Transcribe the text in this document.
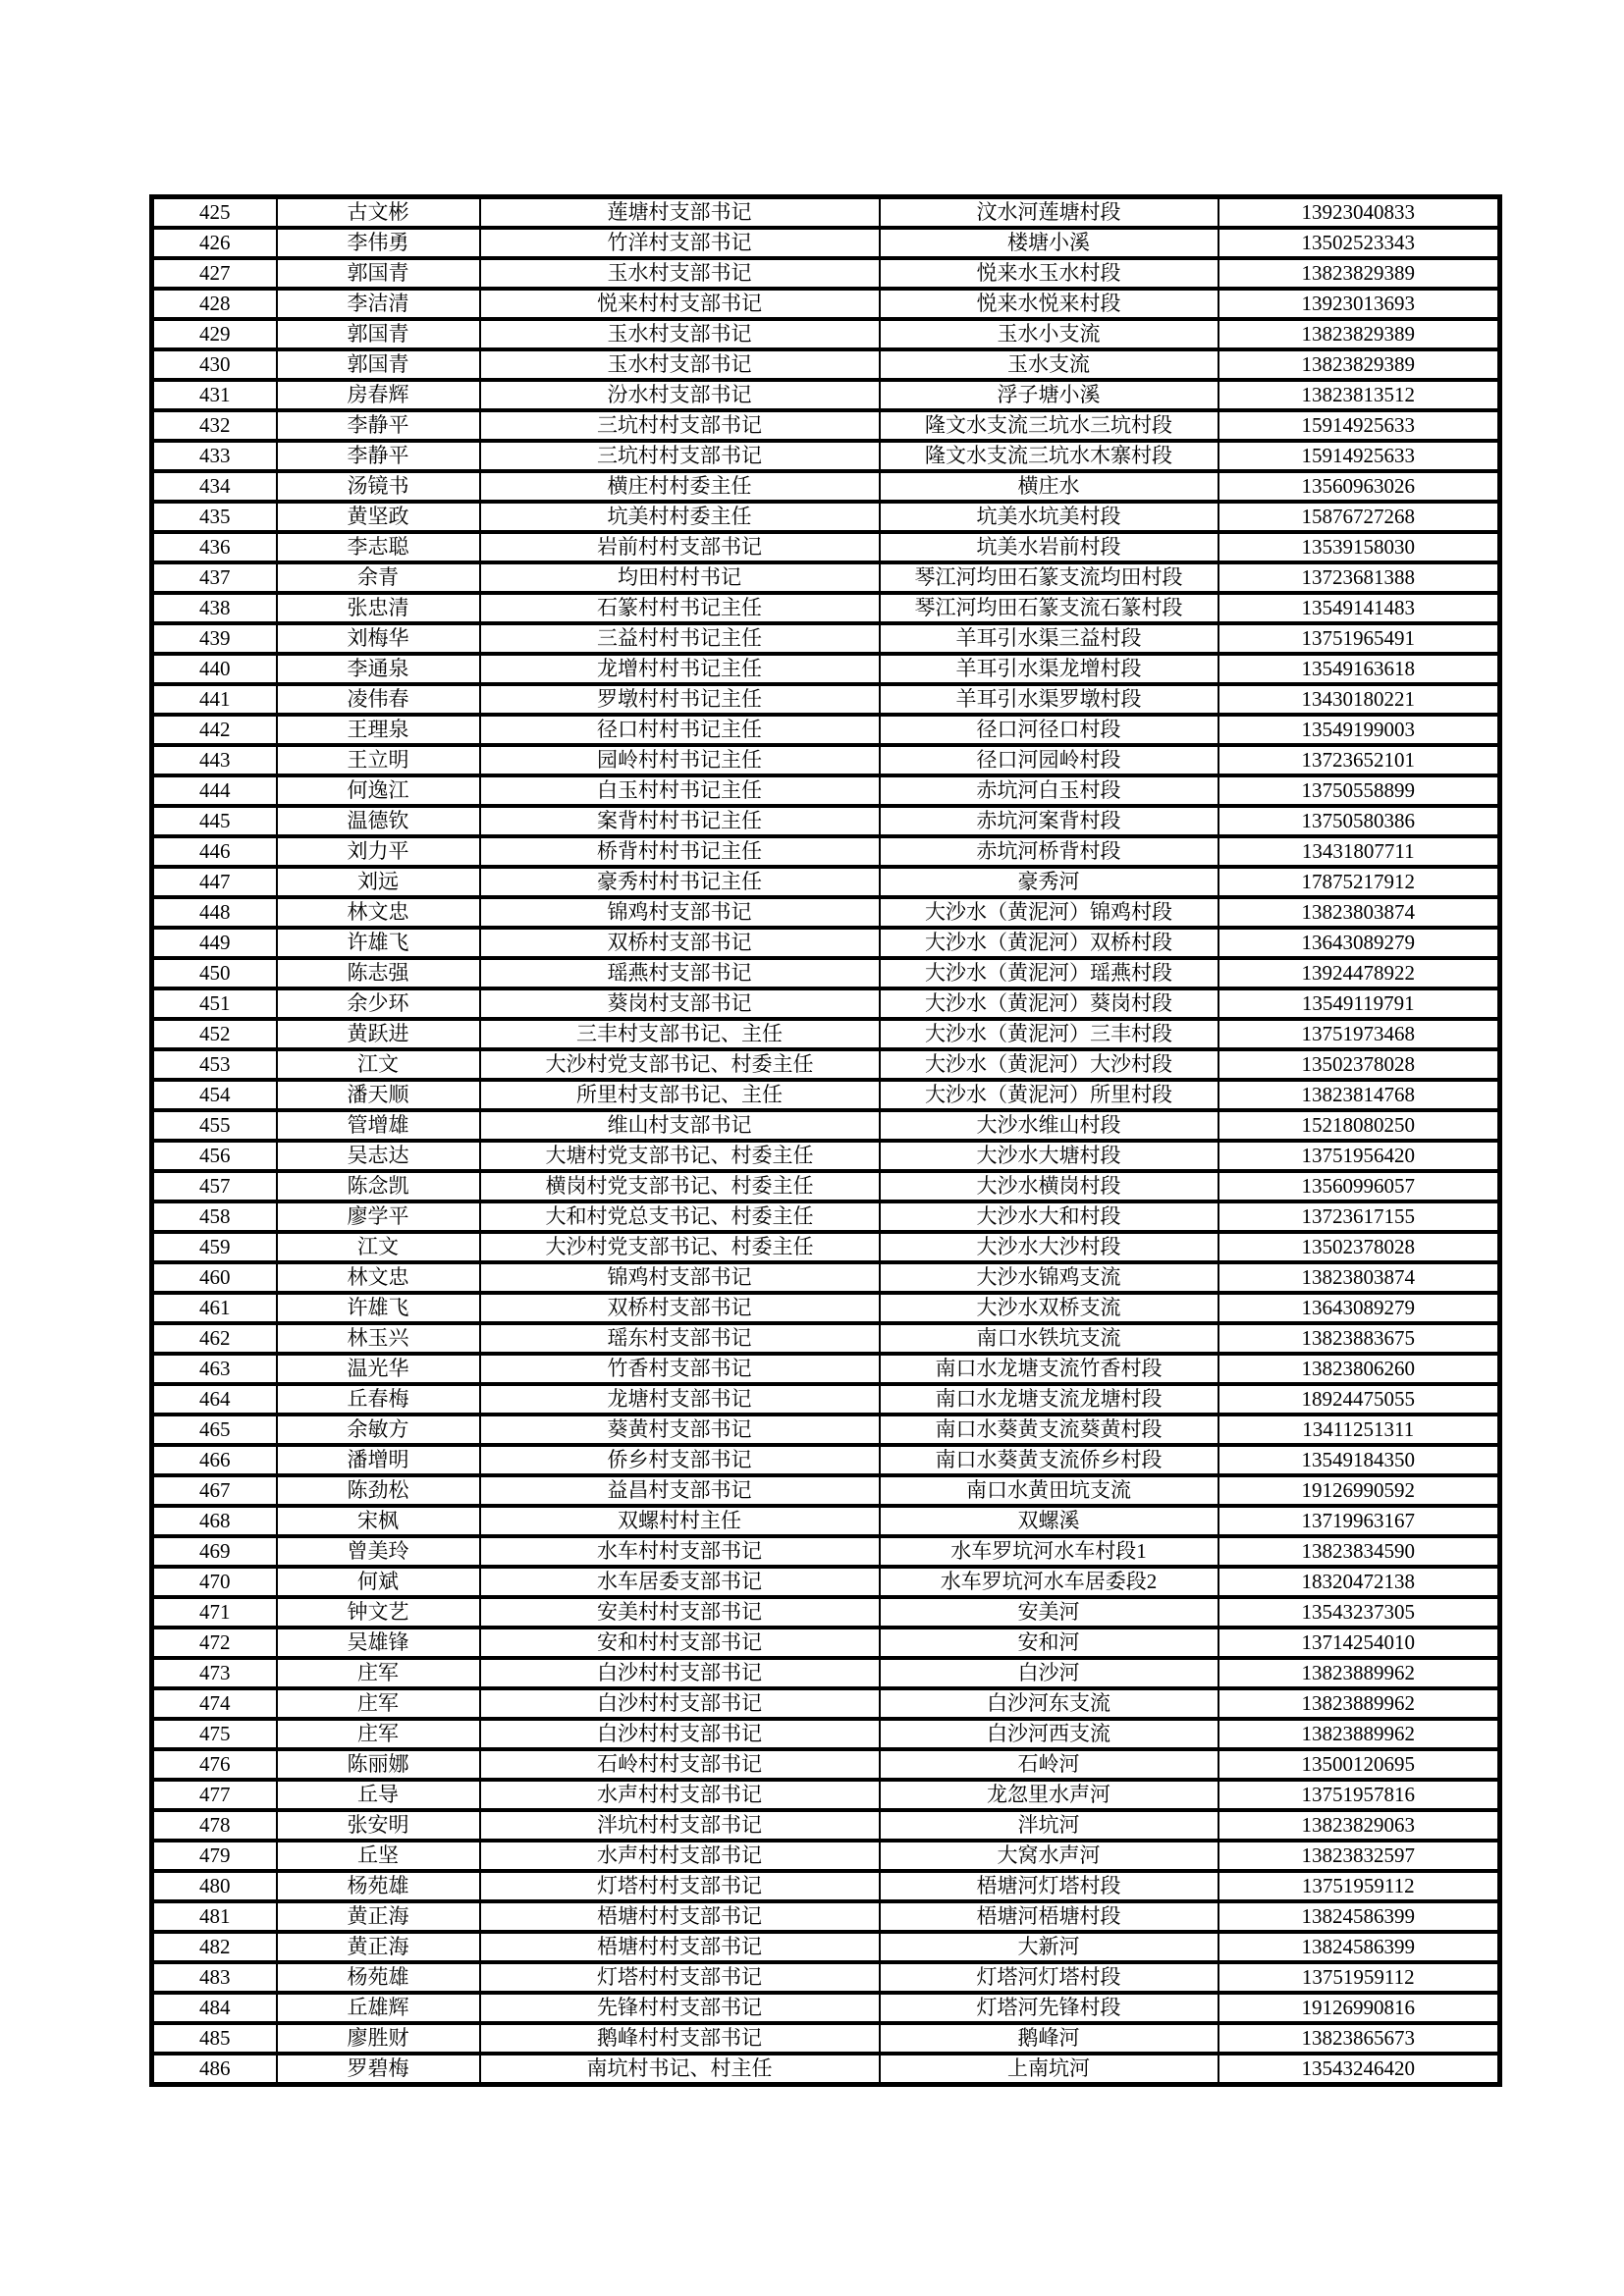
425	古文彬	莲塘村支部书记	汶水河莲塘村段	13923040833
426	李伟勇	竹洋村支部书记	楼塘小溪	13502523343
427	郭国青	玉水村支部书记	悦来水玉水村段	13823829389
428	李洁清	悦来村村支部书记	悦来水悦来村段	13923013693
429	郭国青	玉水村支部书记	玉水小支流	13823829389
430	郭国青	玉水村支部书记	玉水支流	13823829389
431	房春辉	汾水村支部书记	浮子塘小溪	13823813512
432	李静平	三坑村村支部书记	隆文水支流三坑水三坑村段	15914925633
433	李静平	三坑村村支部书记	隆文水支流三坑水木寨村段	15914925633
434	汤镜书	横庄村村委主任	横庄水	13560963026
435	黄坚政	坑美村村委主任	坑美水坑美村段	15876727268
436	李志聪	岩前村村支部书记	坑美水岩前村段	13539158030
437	余青	均田村村书记	琴江河均田石篆支流均田村段	13723681388
438	张忠清	石篆村村书记主任	琴江河均田石篆支流石篆村段	13549141483
439	刘梅华	三益村村书记主任	羊耳引水渠三益村段	13751965491
440	李通泉	龙增村村书记主任	羊耳引水渠龙增村段	13549163618
441	凌伟春	罗墩村村书记主任	羊耳引水渠罗墩村段	13430180221
442	王理泉	径口村村书记主任	径口河径口村段	13549199003
443	王立明	园岭村村书记主任	径口河园岭村段	13723652101
444	何逸江	白玉村村书记主任	赤坑河白玉村段	13750558899
445	温德钦	案背村村书记主任	赤坑河案背村段	13750580386
446	刘力平	桥背村村书记主任	赤坑河桥背村段	13431807711
447	刘远	豪秀村村书记主任	豪秀河	17875217912
448	林文忠	锦鸡村支部书记	大沙水（黄泥河）锦鸡村段	13823803874
449	许雄飞	双桥村支部书记	大沙水（黄泥河）双桥村段	13643089279
450	陈志强	瑶燕村支部书记	大沙水（黄泥河）瑶燕村段	13924478922
451	余少环	葵岗村支部书记	大沙水（黄泥河）葵岗村段	13549119791
452	黄跃进	三丰村支部书记、主任	大沙水（黄泥河）三丰村段	13751973468
453	江文	大沙村党支部书记、村委主任	大沙水（黄泥河）大沙村段	13502378028
454	潘天顺	所里村支部书记、主任	大沙水（黄泥河）所里村段	13823814768
455	管增雄	维山村支部书记	大沙水维山村段	15218080250
456	吴志达	大塘村党支部书记、村委主任	大沙水大塘村段	13751956420
457	陈念凯	横岗村党支部书记、村委主任	大沙水横岗村段	13560996057
458	廖学平	大和村党总支书记、村委主任	大沙水大和村段	13723617155
459	江文	大沙村党支部书记、村委主任	大沙水大沙村段	13502378028
460	林文忠	锦鸡村支部书记	大沙水锦鸡支流	13823803874
461	许雄飞	双桥村支部书记	大沙水双桥支流	13643089279
462	林玉兴	瑶东村支部书记	南口水铁坑支流	13823883675
463	温光华	竹香村支部书记	南口水龙塘支流竹香村段	13823806260
464	丘春梅	龙塘村支部书记	南口水龙塘支流龙塘村段	18924475055
465	余敏方	葵黄村支部书记	南口水葵黄支流葵黄村段	13411251311
466	潘增明	侨乡村支部书记	南口水葵黄支流侨乡村段	13549184350
467	陈劲松	益昌村支部书记	南口水黄田坑支流	19126990592
468	宋枫	双螺村村主任	双螺溪	13719963167
469	曾美玲	水车村村支部书记	水车罗坑河水车村段1	13823834590
470	何斌	水车居委支部书记	水车罗坑河水车居委段2	18320472138
471	钟文艺	安美村村支部书记	安美河	13543237305
472	吴雄锋	安和村村支部书记	安和河	13714254010
473	庄军	白沙村村支部书记	白沙河	13823889962
474	庄军	白沙村村支部书记	白沙河东支流	13823889962
475	庄军	白沙村村支部书记	白沙河西支流	13823889962
476	陈丽娜	石岭村村支部书记	石岭河	13500120695
477	丘导	水声村村支部书记	龙忽里水声河	13751957816
478	张安明	泮坑村村支部书记	泮坑河	13823829063
479	丘坚	水声村村支部书记	大窝水声河	13823832597
480	杨苑雄	灯塔村村支部书记	梧塘河灯塔村段	13751959112
481	黄正海	梧塘村村支部书记	梧塘河梧塘村段	13824586399
482	黄正海	梧塘村村支部书记	大新河	13824586399
483	杨苑雄	灯塔村村支部书记	灯塔河灯塔村段	13751959112
484	丘雄辉	先锋村村支部书记	灯塔河先锋村段	19126990816
485	廖胜财	鹅峰村村支部书记	鹅峰河	13823865673
486	罗碧梅	南坑村书记、村主任	上南坑河	13543246420
